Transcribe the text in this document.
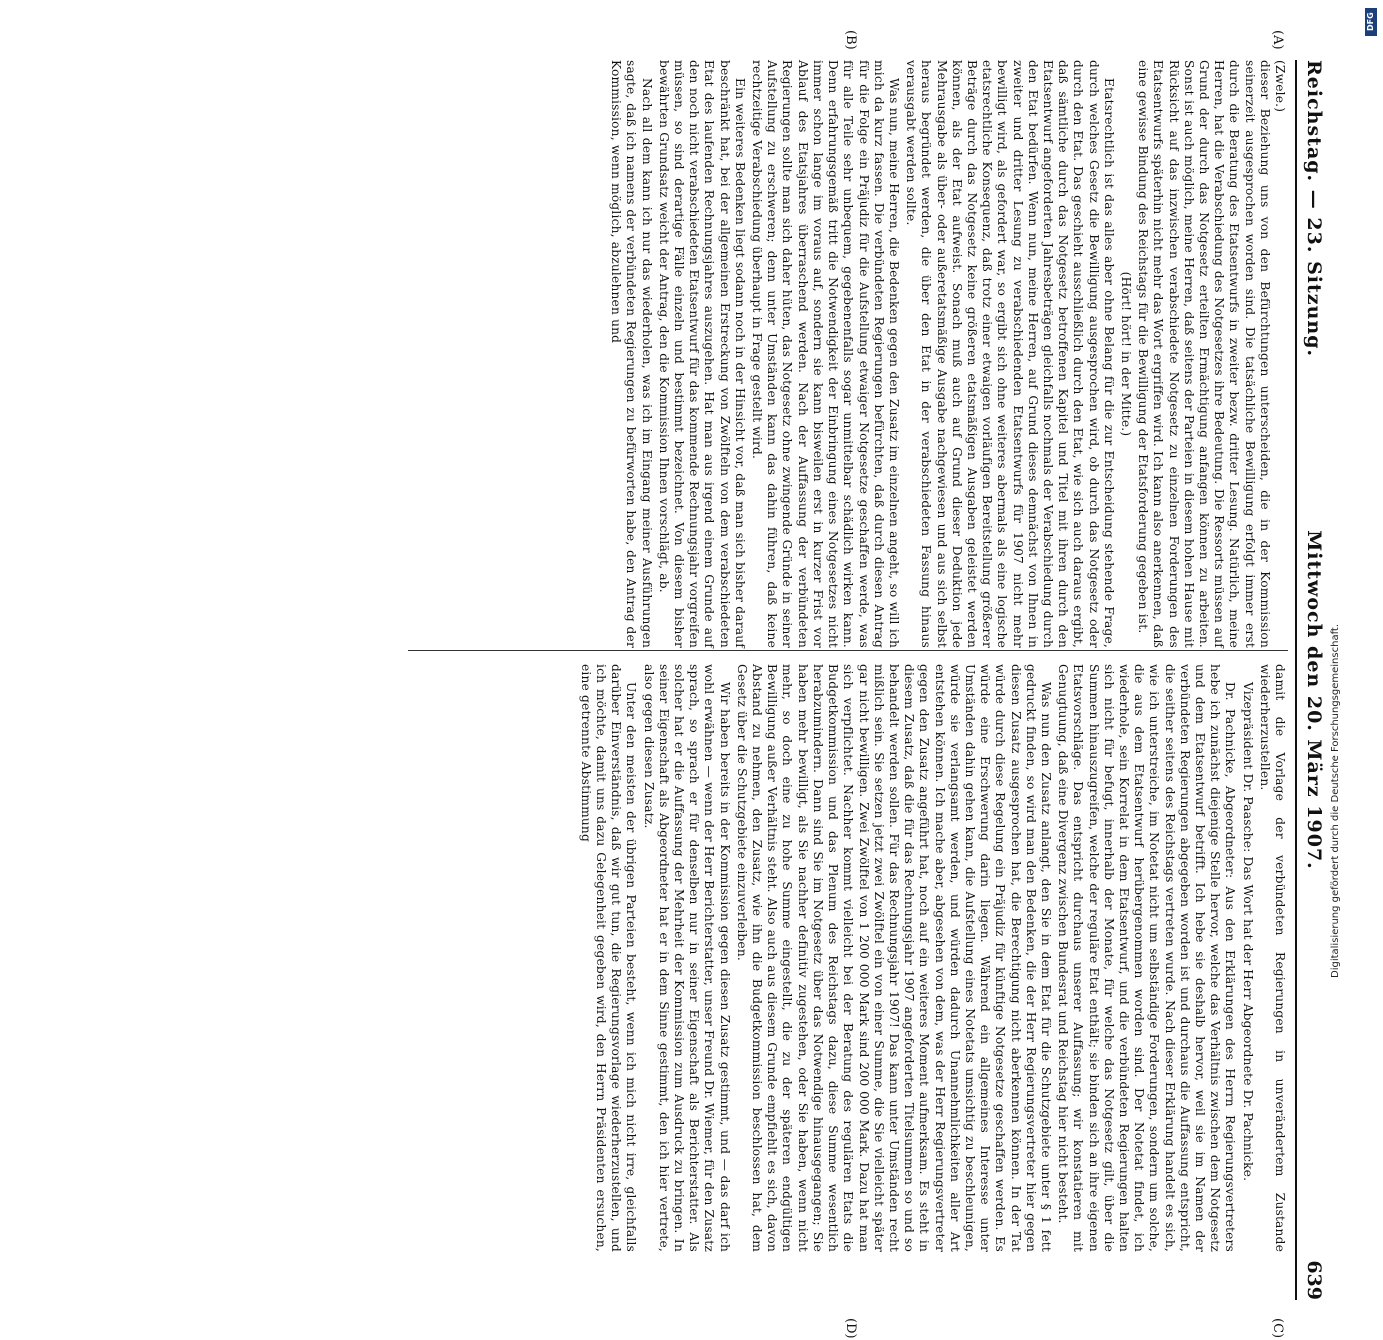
Reichstag. — 23. Sitzung.
Mittwoch den 20. März 1907.
639
(A)
(B)
(C)
(D)

(Zwele.)

dieser Beziehung uns von den Befürchtungen unterscheiden, die in der Kommission seinerzeit ausgesprochen worden sind. Die tatsächliche Bewilligung erfolgt immer erst durch die Beratung des Etatsentwurfs in zweiter bezw. dritter Lesung. Natürlich, meine Herren, hat die Verabschiedung des Notgesetzes ihre Bedeutung. Die Ressorts müssen auf Grund der durch das Notgesetz erteilten Ermächtigung anfangen können zu arbeiten. Sonst ist auch möglich, meine Herren, daß seitens der Parteien in diesem hohen Hause mit Rücksicht auf das inzwischen verabschiedete Notgesetz zu einzelnen Forderungen des Etatsentwurfs späterhin nicht mehr das Wort ergriffen wird. Ich kann also anerkennen, daß eine gewisse Bindung des Reichstags für die Bewilligung der Etatsforderung gegeben ist.

(Hört! hört! in der Mitte.)

Etatsrechtlich ist das alles aber ohne Belang für die zur Entscheidung stehende Frage, durch welches Gesetz die Bewilligung ausgesprochen wird, ob durch das Notgesetz oder durch den Etat. Das geschieht ausschließlich durch den Etat, wie sich auch daraus ergibt, daß sämtliche durch das Notgesetz betroffenen Kapitel und Titel mit ihren durch den Etatsentwurf angeforderten Jahresbeträgen gleichfalls nochmals der Verabschiedung durch den Etat bedürfen. Wenn nun, meine Herren, auf Grund dieses demnächst von Ihnen in zweiter und dritter Lesung zu verabschiedenden Etatsentwurfs für 1907 nicht mehr bewilligt wird, als gefordert war, so ergibt sich ohne weiteres abermals als eine logische etatsrechtliche Konsequenz, daß trotz einer etwaigen vorläufigen Bereitstellung größerer Beträge durch das Notgesetz keine größeren etatsmäßigen Ausgaben geleistet werden können, als der Etat aufweist. Sonach muß auch auf Grund dieser Deduktion jede Mehrausgabe als über- oder außeretatsmäßige Ausgabe nachgewiesen und aus sich selbst heraus begründet werden, die über den Etat in der verabschiedeten Fassung hinaus verausgabt werden sollte.

Was nun, meine Herren, die Bedenken gegen den Zusatz im einzelnen angeht, so will ich mich da kurz fassen. Die verbündeten Regierungen befürchten, daß durch diesen Antrag für die Folge ein Präjudiz für die Aufstellung etwaiger Notgesetze geschaffen werde, was für alle Teile sehr unbequem, gegebenenfalls sogar unmittelbar schädlich wirken kann. Denn erfahrungsgemäß tritt die Notwendigkeit der Einbringung eines Notgesetzes nicht immer schon lange im voraus auf, sondern sie kann bisweilen erst in kurzer Frist vor Ablauf des Etatsjahres überraschend werden. Nach der Auffassung der verbündeten Regierungen sollte man sich daher hüten, das Notgesetz ohne zwingende Gründe in seiner Aufstellung zu erschweren; denn unter Umständen kann das dahin führen, daß keine rechtzeitige Verabschiedung überhaupt in Frage gestellt wird.

Ein weiteres Bedenken liegt sodann noch in der Hinsicht vor, daß man sich bisher darauf beschränkt hat, bei der allgemeinen Erstreckung von Zwölfteln von dem verabschiedeten Etat des laufenden Rechnungsjahres auszugehen. Hat man aus irgend einem Grunde auf den noch nicht verabschiedeten Etatsentwurf für das kommende Rechnungsjahr vorgreifen müssen, so sind derartige Fälle einzeln und bestimmt bezeichnet. Von diesem bisher bewährten Grundsatz weicht der Antrag, den die Kommission Ihnen vorschlägt, ab.

Nach all dem kann ich nur das wiederholen, was ich im Eingang meiner Ausführungen sagte, daß ich namens der verbündeten Regierungen zu befürworten habe, den Antrag der Kommission, wenn möglich, abzulehnen und

damit die Vorlage der verbündeten Regierungen in unverändertem Zustande wiederherzustellen.

Vizepräsident Dr. Paasche: Das Wort hat der Herr Abgeordnete Dr. Pachnicke.

Dr. Pachnicke, Abgeordneter: Aus den Erklärungen des Herrn Regierungsvertreters hebe ich zunächst diejenige Stelle hervor, welche das Verhältnis zwischen dem Notgesetz und dem Etatsentwurf betrifft. Ich hebe sie deshalb hervor, weil sie im Namen der verbündeten Regierungen abgegeben worden ist und durchaus die Auffassung entspricht, die seither seitens des Reichstags vertreten wurde. Nach dieser Erklärung handelt es sich, wie ich unterstreiche, im Notetat nicht um selbständige Forderungen, sondern um solche, die aus dem Etatsentwurf herübergenommen worden sind. Der Notetat findet, ich wiederhole, sein Korrelat in dem Etatsentwurf, und die verbündeten Regierungen halten sich nicht für befugt, innerhalb der Monate, für welche das Notgesetz gilt, über die Summen hinauszugreifen, welche der reguläre Etat enthält; sie binden sich an ihre eigenen Etatsvorschläge. Das entspricht durchaus unserer Auffassung; wir konstatieren mit Genugtuung, daß eine Divergenz zwischen Bundesrat und Reichstag hier nicht besteht.

Was nun den Zusatz anlangt, den Sie in dem Etat für die Schutzgebiete unter § 1 fett gedruckt finden, so wird man den Bedenken, die der Herr Regierungsvertreter hier gegen diesen Zusatz ausgesprochen hat, die Berechtigung nicht aberkennen können. In der Tat würde durch diese Regelung ein Präjudiz für künftige Notgesetze geschaffen werden. Es würde eine Erschwerung darin liegen. Während ein allgemeines Interesse unter Umständen dahin gehen kann, die Aufstellung eines Notetats umsichtig zu beschleunigen, würde sie verlangsamt werden, und würden dadurch Unannehmlichkeiten aller Art entstehen können. Ich mache aber, abgesehen von dem, was der Herr Regierungsvertreter gegen den Zusatz angeführt hat, noch auf ein weiteres Moment aufmerksam. Es steht in diesem Zusatz, daß die für das Rechnungsjahr 1907 angeforderten Titelsummen so und so behandelt werden sollen. Für das Rechnungsjahr 1907! Das kann unter Umständen recht mißlich sein. Sie setzen jetzt zwei Zwölftel ein von einer Summe, die Sie vielleicht später gar nicht bewilligen. Zwei Zwölftel von 1 200 000 Mark sind 200 000 Mark. Dazu hat man sich verpflichtet. Nachher kommt vielleicht bei der Beratung des regulären Etats die Budgetkommission und das Plenum des Reichstags dazu, diese Summe wesentlich herabzumindern. Dann sind Sie im Notgesetz über das Notwendige hinausgegangen; Sie haben mehr bewilligt, als Sie nachher definitiv zugestehen, oder Sie haben, wenn nicht mehr, so doch eine zu hohe Summe eingestellt, die zu der späteren endgültigen Bewilligung außer Verhältnis steht. Also auch aus diesem Grunde empfiehlt es sich, davon Abstand zu nehmen, den Zusatz, wie ihn die Budgetkommission beschlossen hat, dem Gesetz über die Schutzgebiete einzuverleiben.

Wir haben bereits in der Kommission gegen diesen Zusatz gestimmt, und — das darf ich wohl erwähnen — wenn der Herr Berichterstatter, unser Freund Dr. Wiemer, für den Zusatz sprach, so sprach er für denselben nur in seiner Eigenschaft als Berichterstatter. Als solcher hat er die Auffassung der Mehrheit der Kommission zum Ausdruck zu bringen. In seiner Eigenschaft als Abgeordneter hat er in dem Sinne gestimmt, den ich hier vertrete, also gegen diesen Zusatz.

Unter den meisten der übrigen Parteien besteht, wenn ich mich nicht irre, gleichfalls darüber Einverständnis, daß wir gut tun, die Regierungsvorlage wiederherzustellen, und ich möchte, damit uns dazu Gelegenheit gegeben wird, den Herrn Präsidenten ersuchen, eine getrennte Abstimmung	Digitalisierung gefördert durch die Deutsche Forschungsgemeinschaft.
DFG
